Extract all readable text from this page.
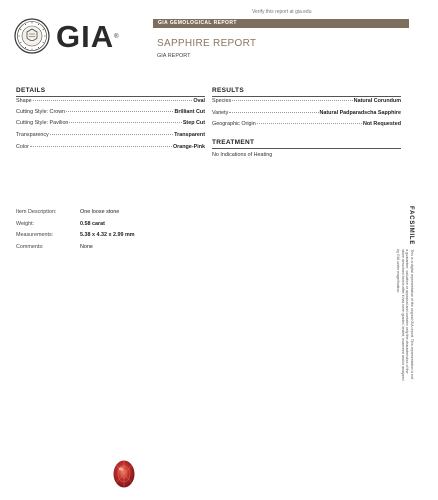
Verify this report at gia.edu
GIA®
GIA GEMOLOGICAL REPORT
SAPPHIRE REPORT
GIA REPORT
DETAILS
Shape	Oval
Cutting Style: Crown	Brilliant Cut
Cutting Style: Pavilion	Step Cut
Transparency	Transparent
Color	Orange-Pink
RESULTS
Species	Natural Corundum
Variety	Natural Padparadscha Sapphire
Geographic Origin	Not Requested
TREATMENT
No Indications of Heating
Item Description:	One loose stone
Weight:	0.58 carat
Measurements:	5.38 x 4.32 x 2.99 mm
Comments:	None
FACSIMILE
This is a digital representation of the original GIA report. This representation is not a guarantee, valuation or appraisal and contains only the characteristics of the stone described herein after it has been graded, tested, examined and/or analyzed by GIA under magnification.
